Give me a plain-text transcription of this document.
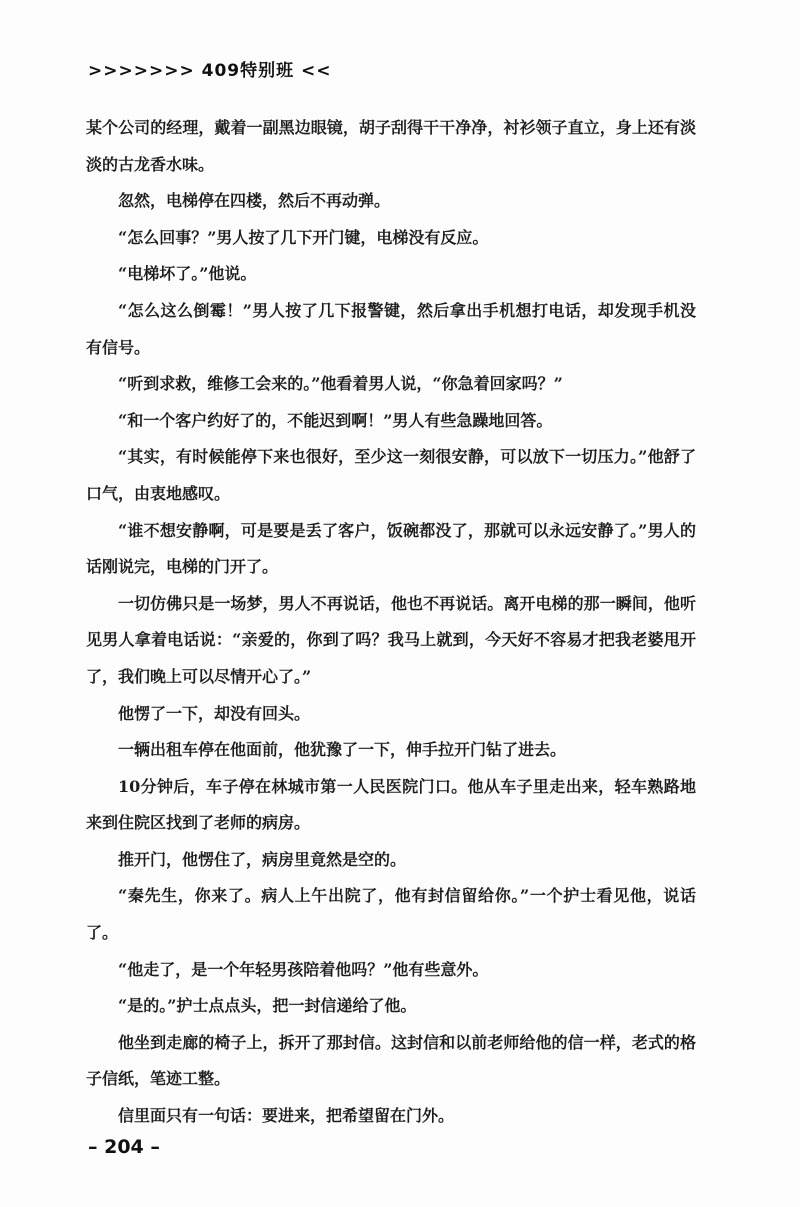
>>>>>>> 409特别班 <<

某个公司的经理，戴着一副黑边眼镜，胡子刮得干干净净，衬衫领子直立，身上还有淡淡的古龙香水味。

忽然，电梯停在四楼，然后不再动弹。

“怎么回事？”男人按了几下开门键，电梯没有反应。

“电梯坏了。”他说。

“怎么这么倒霉！”男人按了几下报警键，然后拿出手机想打电话，却发现手机没有信号。

“听到求救，维修工会来的。”他看着男人说，“你急着回家吗？”

“和一个客户约好了的，不能迟到啊！”男人有些急躁地回答。

“其实，有时候能停下来也很好，至少这一刻很安静，可以放下一切压力。”他舒了口气，由衷地感叹。

“谁不想安静啊，可是要是丢了客户，饭碗都没了，那就可以永远安静了。”男人的话刚说完，电梯的门开了。

一切仿佛只是一场梦，男人不再说话，他也不再说话。离开电梯的那一瞬间，他听见男人拿着电话说：“亲爱的，你到了吗？我马上就到，今天好不容易才把我老婆甩开了，我们晚上可以尽情开心了。”

他愣了一下，却没有回头。

一辆出租车停在他面前，他犹豫了一下，伸手拉开门钻了进去。

10分钟后，车子停在林城市第一人民医院门口。他从车子里走出来，轻车熟路地来到住院区找到了老师的病房。

推开门，他愣住了，病房里竟然是空的。

“秦先生，你来了。病人上午出院了，他有封信留给你。”一个护士看见他，说话了。

“他走了，是一个年轻男孩陪着他吗？”他有些意外。

“是的。”护士点点头，把一封信递给了他。

他坐到走廊的椅子上，拆开了那封信。这封信和以前老师给他的信一样，老式的格子信纸，笔迹工整。

信里面只有一句话：要进来，把希望留在门外。

– 204 –
